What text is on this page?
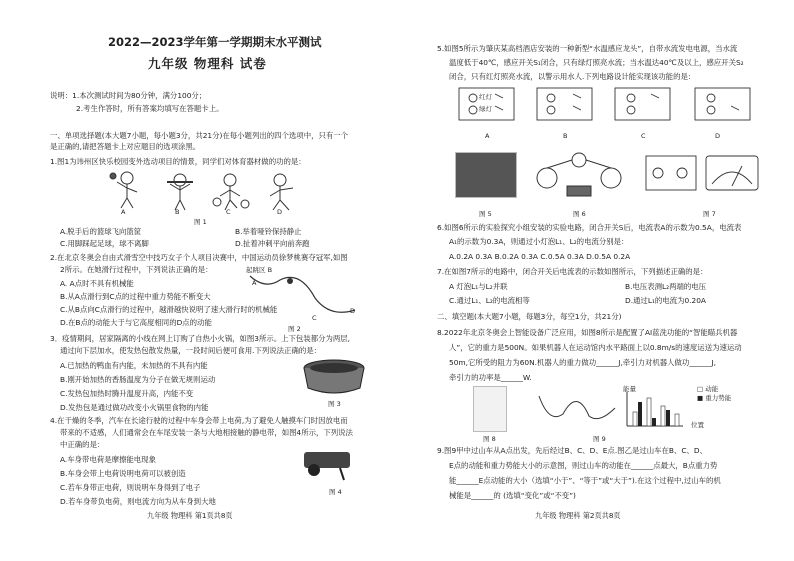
2022—2023学年第一学期期末水平测试
九年级 物理科 试卷
说明：1.本次测试时间为80分钟，满分100分；
2.考生作答时，所有答案均填写在答题卡上。
一、单项选择题(本大题7小题，每小题3分，共21分)在每小题列出的四个选项中，只有一个
是正确的,请把答题卡上对应题目的选项涂黑。
1.图1为讳州区快乐校园变外选动项目的情景，同学们对体育器材做的功的是：
A	B	C	D
图 1
A.脱手后的篮球飞向篮筐	B.举着哑铃保持静止
C.用脚踩起足球，球不离脚	D.扯着冲刺平向前奔跑
2.在北京冬奥会自由式滑雪空中技巧女子个人项目决赛中，中国运动员徐梦桃赛夺冠军,如图
2所示。在她滑行过程中，下列说法正确的是：
A. A点时不具有机械能
B.从A点滑行到C点的过程中重力势能不断变大
C.从B点向C点滑行的过程中，越滑越快说明了速大滑行时的机械能
D.在B点的动能大于与它高度相同的D点的动能
起跳区 B
A
C
D
图 2
3．疫情期间，居家隔离的小线在网上订购了自热小火锅，如图3所示。上下包装都分为两层,
通过向下层加水，使发热包散发热量，一段时间后便可食用.下列说法正确的是：
A.已加热的鸭血有内能，未加热的不具有内能
B.刚开始加热的香肠温度为分子在做无规则运动
C.发热包加热时腾升温度升高，内能不变
D.发热包是通过做功改变小火锅里食物的内能	图 3
4.在干燥的冬季，汽车在长途行驶的过程中车身会带上电荷,为了避免人触摸车门时因放电而
带来的不适感，人们通常会在车尾安装一条与大地相接触的静电带，如图4所示，下列说法
中正确的是：
A.车身带电荷是摩擦能电现象
B.车身会带上电荷说明电荷可以被创造
C.若车身带正电荷，则说明车身得到了电子
D.若车身带负电荷，则电流方向为从车身到大地
图 4
九年级 物理科 第1页共8页
5.如图5所示为肇庆某高档酒店安装的一种新型“水温感应龙头”，自带水流发电电源，当水流
温度低于40℃，感应开关S₁闭合，只有绿灯照亮水流；当水温达40℃及以上，感应开关S₂
闭合，只有红灯照亮水流，以警示用水人.下列电路设计能实现该功能的是：
红灯
绿灯
A	B	C	D
图 5	图 6	图 7
6.如图6所示的实验探究小组安装的实验电路，闭合开关S后，电流表A的示数为0.5A，电流表
A₁的示数为0.3A，则通过小灯泡L₁、L₂的电流分别是：
A.0.2A 0.3A B.0.2A 0.3A C.0.5A 0.3A D.0.5A 0.2A
7.在如图7所示的电路中，闭合开关后电流表的示数如图所示，下列描述正确的是：
A 灯泡L₁与L₂并联	B.电压表测L₂两端的电压
C.通过L₁、L₂的电流相等	D.通过L₁的电流为0.20A
二、填空题(本大题7小题，每题3分，每空1分，共21分)
8.2022年北京冬奥会上智能设备广泛应用，如图8所示是配置了AI蓝洗功能的“智能瞄兵机器
人”，它的重力是500N。如果机器人在运动馆内水平路面上以0.8m/s的速度运送为速运动
50m,它所受的阻力为60N.机器人的重力做功______J,牵引力对机器人做功______J,
牵引力的功率是______W.
图 8
能量	□ 动能
■ 重力势能
位置
图 9
9.图9甲中过山车从A点出发，先后经过B、C、D、E点.图乙是过山车在B、C、D、
E点的动能和重力势能大小的示意图，则过山车的动能在______点最大，B点重力势
能______E点动能的大小（选填“小于”、“等于”或“大于”).在这个过程中,过山车的机
械能是______的 (选填“变化”或“不变”)
九年级 物理科 第2页共8页
